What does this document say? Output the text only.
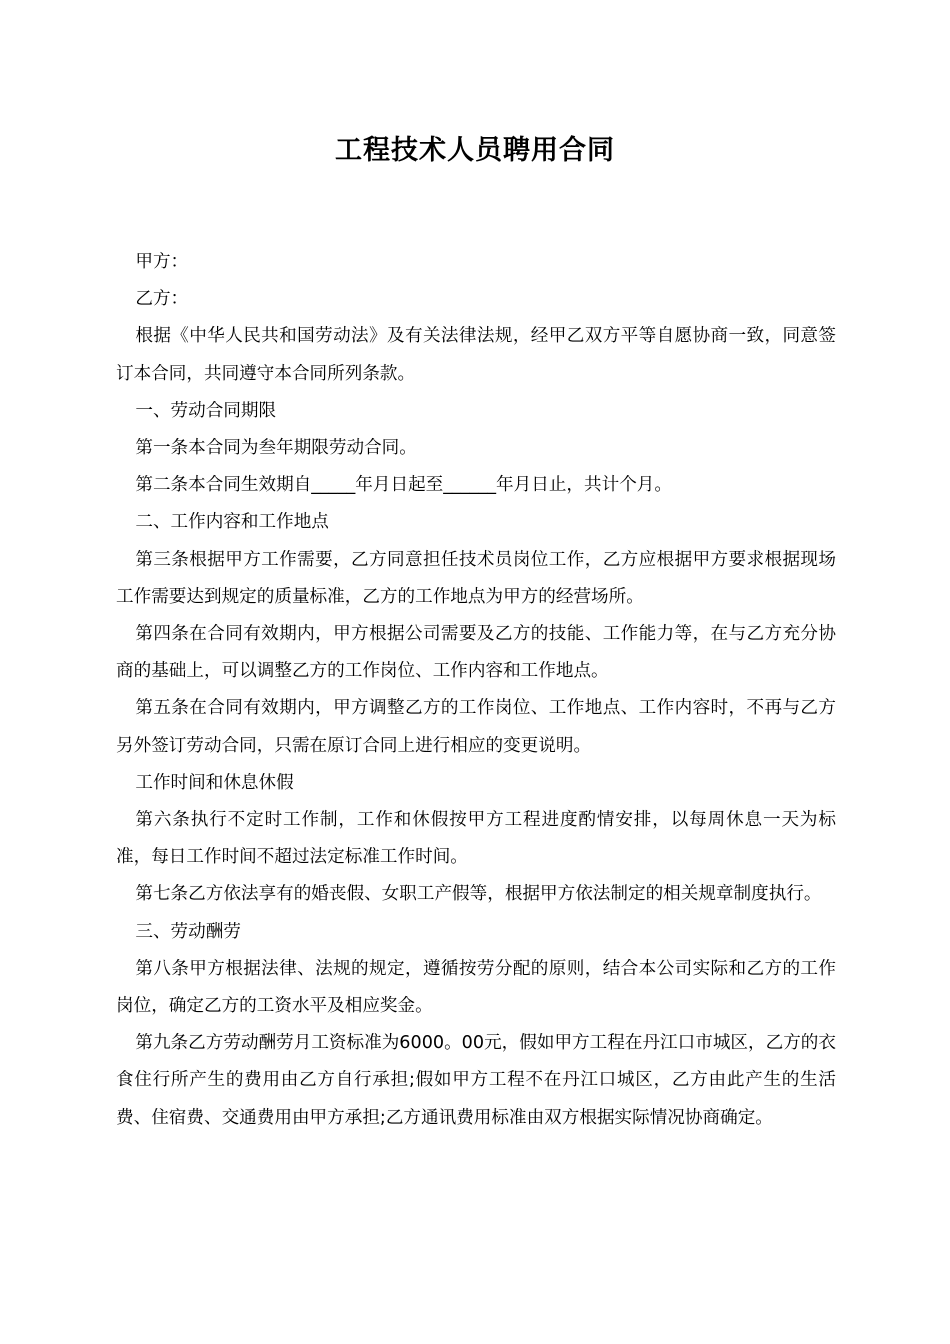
工程技术人员聘用合同

甲方：

乙方：

根据《中华人民共和国劳动法》及有关法律法规，经甲乙双方平等自愿协商一致，同意签订本合同，共同遵守本合同所列条款。

一、劳动合同期限

第一条本合同为叁年期限劳动合同。

第二条本合同生效期自_____年月日起至______年月日止，共计个月。

二、工作内容和工作地点

第三条根据甲方工作需要，乙方同意担任技术员岗位工作，乙方应根据甲方要求根据现场工作需要达到规定的质量标准，乙方的工作地点为甲方的经营场所。

第四条在合同有效期内，甲方根据公司需要及乙方的技能、工作能力等，在与乙方充分协商的基础上，可以调整乙方的工作岗位、工作内容和工作地点。

第五条在合同有效期内，甲方调整乙方的工作岗位、工作地点、工作内容时，不再与乙方另外签订劳动合同，只需在原订合同上进行相应的变更说明。

工作时间和休息休假

第六条执行不定时工作制，工作和休假按甲方工程进度酌情安排，以每周休息一天为标准，每日工作时间不超过法定标准工作时间。

第七条乙方依法享有的婚丧假、女职工产假等，根据甲方依法制定的相关规章制度执行。

三、劳动酬劳

第八条甲方根据法律、法规的规定，遵循按劳分配的原则，结合本公司实际和乙方的工作岗位，确定乙方的工资水平及相应奖金。

第九条乙方劳动酬劳月工资标准为6000。00元，假如甲方工程在丹江口市城区，乙方的衣食住行所产生的费用由乙方自行承担;假如甲方工程不在丹江口城区，乙方由此产生的生活费、住宿费、交通费用由甲方承担;乙方通讯费用标准由双方根据实际情况协商确定。
